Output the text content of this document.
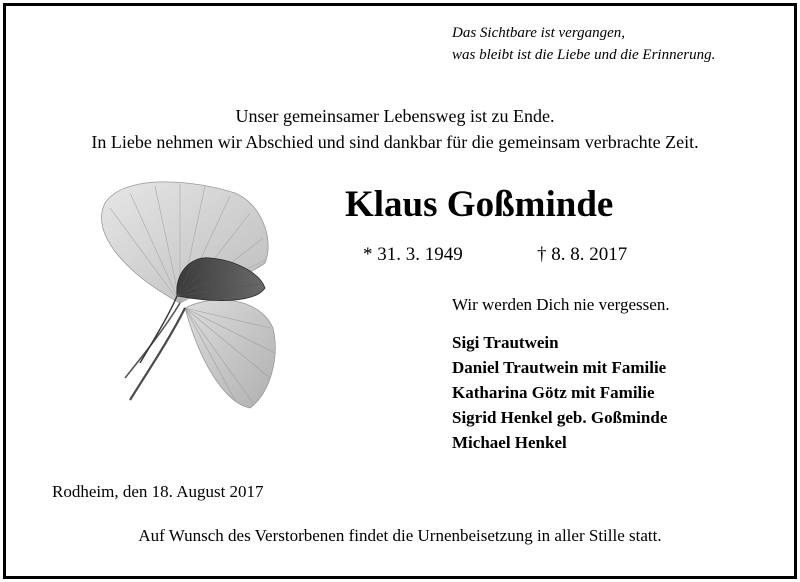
Das Sichtbare ist vergangen,
was bleibt ist die Liebe und die Erinnerung.
Unser gemeinsamer Lebensweg ist zu Ende.
In Liebe nehmen wir Abschied und sind dankbar für die gemeinsam verbrachte Zeit.
Klaus Goßminde
* 31. 3. 1949	† 8. 8. 2017
Wir werden Dich nie vergessen.
Sigi Trautwein
Daniel Trautwein mit Familie
Katharina Götz mit Familie
Sigrid Henkel geb. Goßminde
Michael Henkel
Rodheim, den 18. August 2017
Auf Wunsch des Verstorbenen findet die Urnenbeisetzung in aller Stille statt.
